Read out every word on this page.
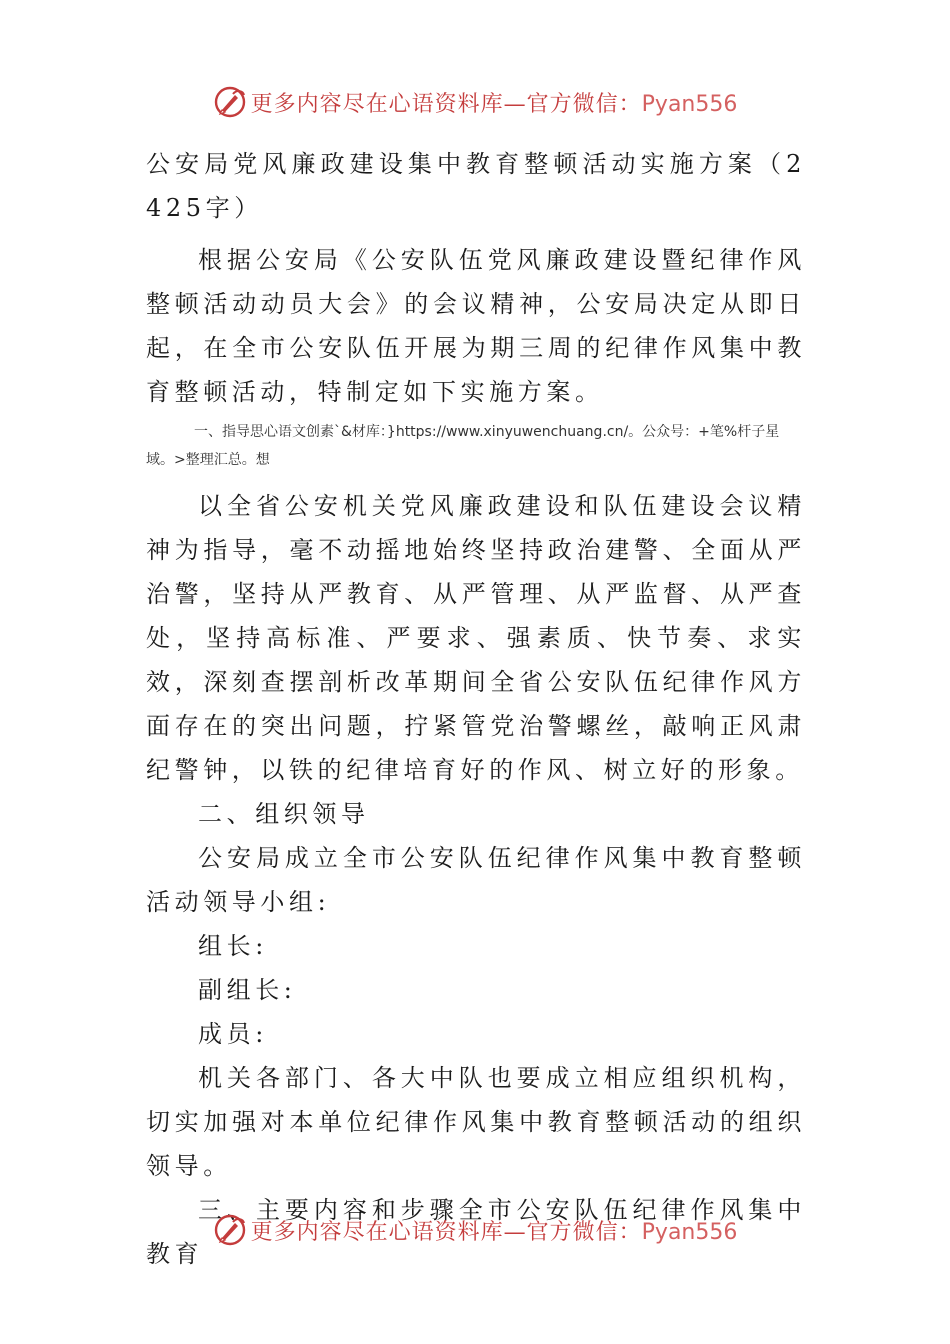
更多内容尽在心语资料库—官方微信：Pyan556

公安局党风廉政建设集中教育整顿活动实施方案（2425字）

根据公安局《公安队伍党风廉政建设暨纪律作风整顿活动动员大会》的会议精神，公安局决定从即日起，在全市公安队伍开展为期三周的纪律作风集中教育整顿活动，特制定如下实施方案。

一、指导思心语文创素`&材库：}https://www.xinyuwenchuang.cn/。公众号：+笔%杆子星域。>整理汇总。想

以全省公安机关党风廉政建设和队伍建设会议精神为指导，毫不动摇地始终坚持政治建警、全面从严治警，坚持从严教育、从严管理、从严监督、从严查处，坚持高标准、严要求、强素质、快节奏、求实效，深刻查摆剖析改革期间全省公安队伍纪律作风方面存在的突出问题，拧紧管党治警螺丝，敲响正风肃纪警钟，以铁的纪律培育好的作风、树立好的形象。

二、组织领导

公安局成立全市公安队伍纪律作风集中教育整顿活动领导小组:

组长:

副组长:

成员:

机关各部门、各大中队也要成立相应组织机构，切实加强对本单位纪律作风集中教育整顿活动的组织领导。

三、主要内容和步骤全市公安队伍纪律作风集中教育

更多内容尽在心语资料库—官方微信：Pyan556
